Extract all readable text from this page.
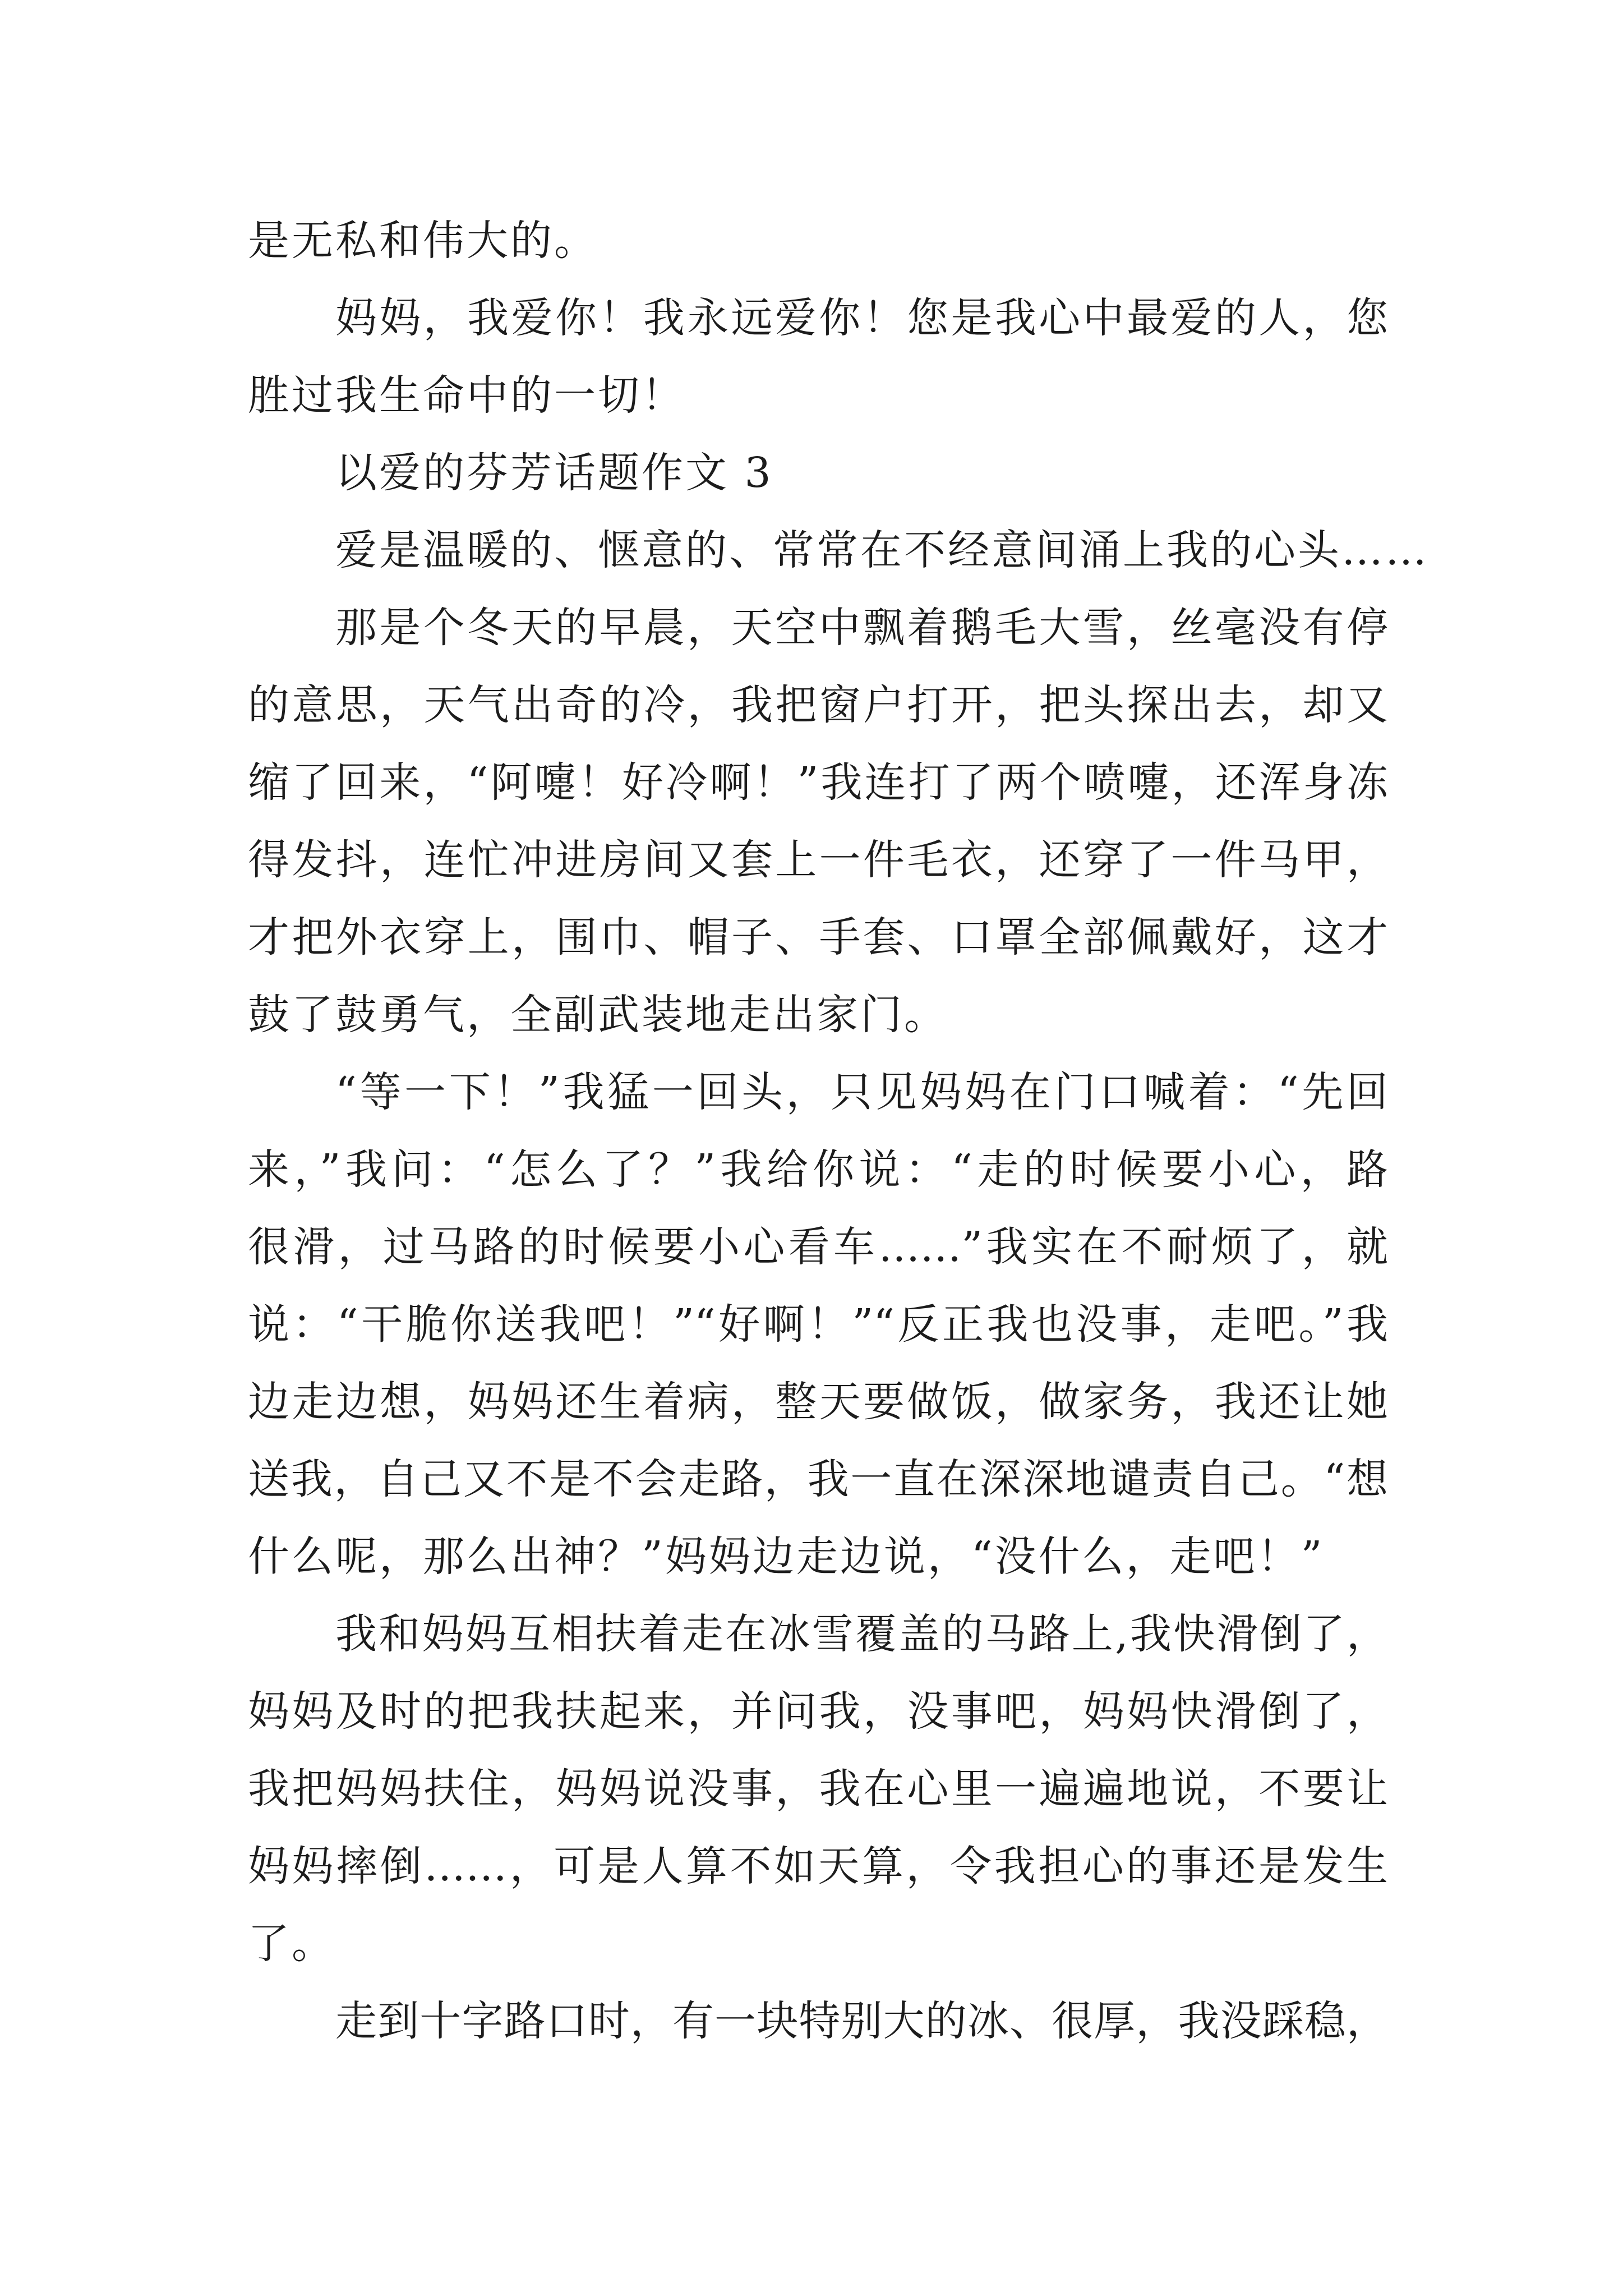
是无私和伟大的。
妈妈，我爱你！我永远爱你！您是我心中最爱的人，您
胜过我生命中的一切！
以爱的芬芳话题作文 3
爱是温暖的、惬意的、常常在不经意间涌上我的心头……
那是个冬天的早晨，天空中飘着鹅毛大雪，丝毫没有停
的意思，天气出奇的冷，我把窗户打开，把头探出去，却又
缩了回来，“阿嚏！好冷啊！”我连打了两个喷嚏，还浑身冻
得发抖，连忙冲进房间又套上一件毛衣，还穿了一件马甲，
才把外衣穿上，围巾、帽子、手套、口罩全部佩戴好，这才
鼓了鼓勇气，全副武装地走出家门。
“等一下！”我猛一回头，只见妈妈在门口喊着：“先回
来，”我问：“怎么了？”我给你说：“走的时候要小心，路
很滑，过马路的时候要小心看车……”我实在不耐烦了，就
说：“干脆你送我吧！”“好啊！”“反正我也没事，走吧。”我
边走边想，妈妈还生着病，整天要做饭，做家务，我还让她
送我，自己又不是不会走路，我一直在深深地谴责自己。“想
什么呢，那么出神？”妈妈边走边说，“没什么，走吧！”
我和妈妈互相扶着走在冰雪覆盖的马路上,我快滑倒了，
妈妈及时的把我扶起来，并问我，没事吧，妈妈快滑倒了，
我把妈妈扶住，妈妈说没事，我在心里一遍遍地说，不要让
妈妈摔倒……，可是人算不如天算，令我担心的事还是发生
了。
走到十字路口时，有一块特别大的冰、很厚，我没踩稳，
